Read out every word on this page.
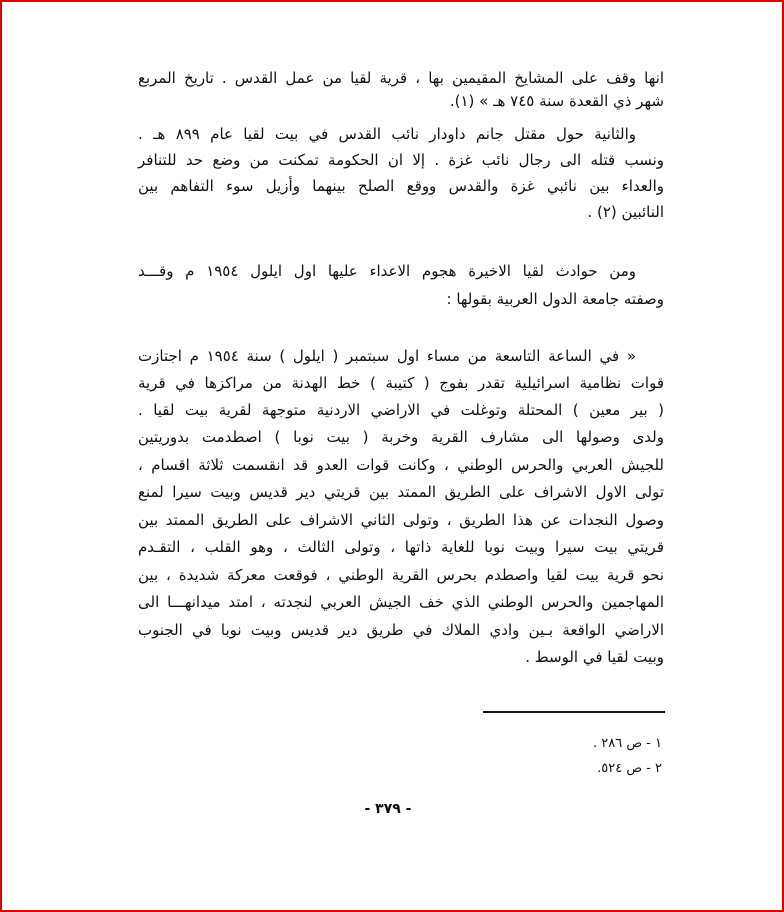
انها وقف على المشايخ المقيمين بها ، قرية لقيا من عمل القدس . تاريخ المربع
شهر ذي القعدة سنة ٧٤٥ هـ » (١).
والثانية حول مقتل جانم داودار نائب القدس في بيت لقيا عام ٨٩٩ هـ .
ونسب قتله الى رجال نائب غزة . إلا ان الحكومة تمكنت من وضع حد للتنافر
والعداء بين نائبي غزة والقدس ووقع الصلح بينهما وأزيل سوء التفاهم بين
النائبين (٢) .
ومن حوادث لقيا الاخيرة هجوم الاعداء عليها اول ايلول ١٩٥٤ م وقـــد
وصفته جامعة الدول العربية بقولها :
« في الساعة التاسعة من مساء اول سبتمبر ( ايلول ) سنة ١٩٥٤ م اجتازت
قوات نظامية اسرائيلية تقدر بفوج ( كتيبة ) خط الهدنة من مراكزها في قرية
( بير معين ) المحتلة وتوغلت في الاراضي الاردنية متوجهة لقرية بيت لقيا .
ولدى وصولها الى مشارف القرية وخربة ( بيت نوبا ) اصطدمت بدوريتين
للجيش العربي والحرس الوطني ، وكانت قوات العدو قد انقسمت ثلاثة اقسام ،
تولى الاول الاشراف على الطريق الممتد بين قريتي دير قديس وبيت سيرا لمنع
وصول النجدات عن هذا الطريق ، وتولى الثاني الاشراف على الطريق الممتد بين
قريتي بيت سيرا وبيت نوبا للغاية ذاتها ، وتولى الثالث ، وهو القلب ، التقـدم
نحو قرية بيت لقيا واصطدم بحرس القرية الوطني ، فوقعت معركة شديدة ، بين
المهاجمين والحرس الوطني الذي خف الجيش العربي لنجدته ، امتد ميدانهـــا الى
الاراضي الواقعة بـين وادي الملاك في طريق دير قديس وبيت نوبا في الجنوب
وبيت لقيا في الوسط .
١ - ص ٢٨٦ .
٢ - ص ٥٢٤.
- ٣٧٩ -
